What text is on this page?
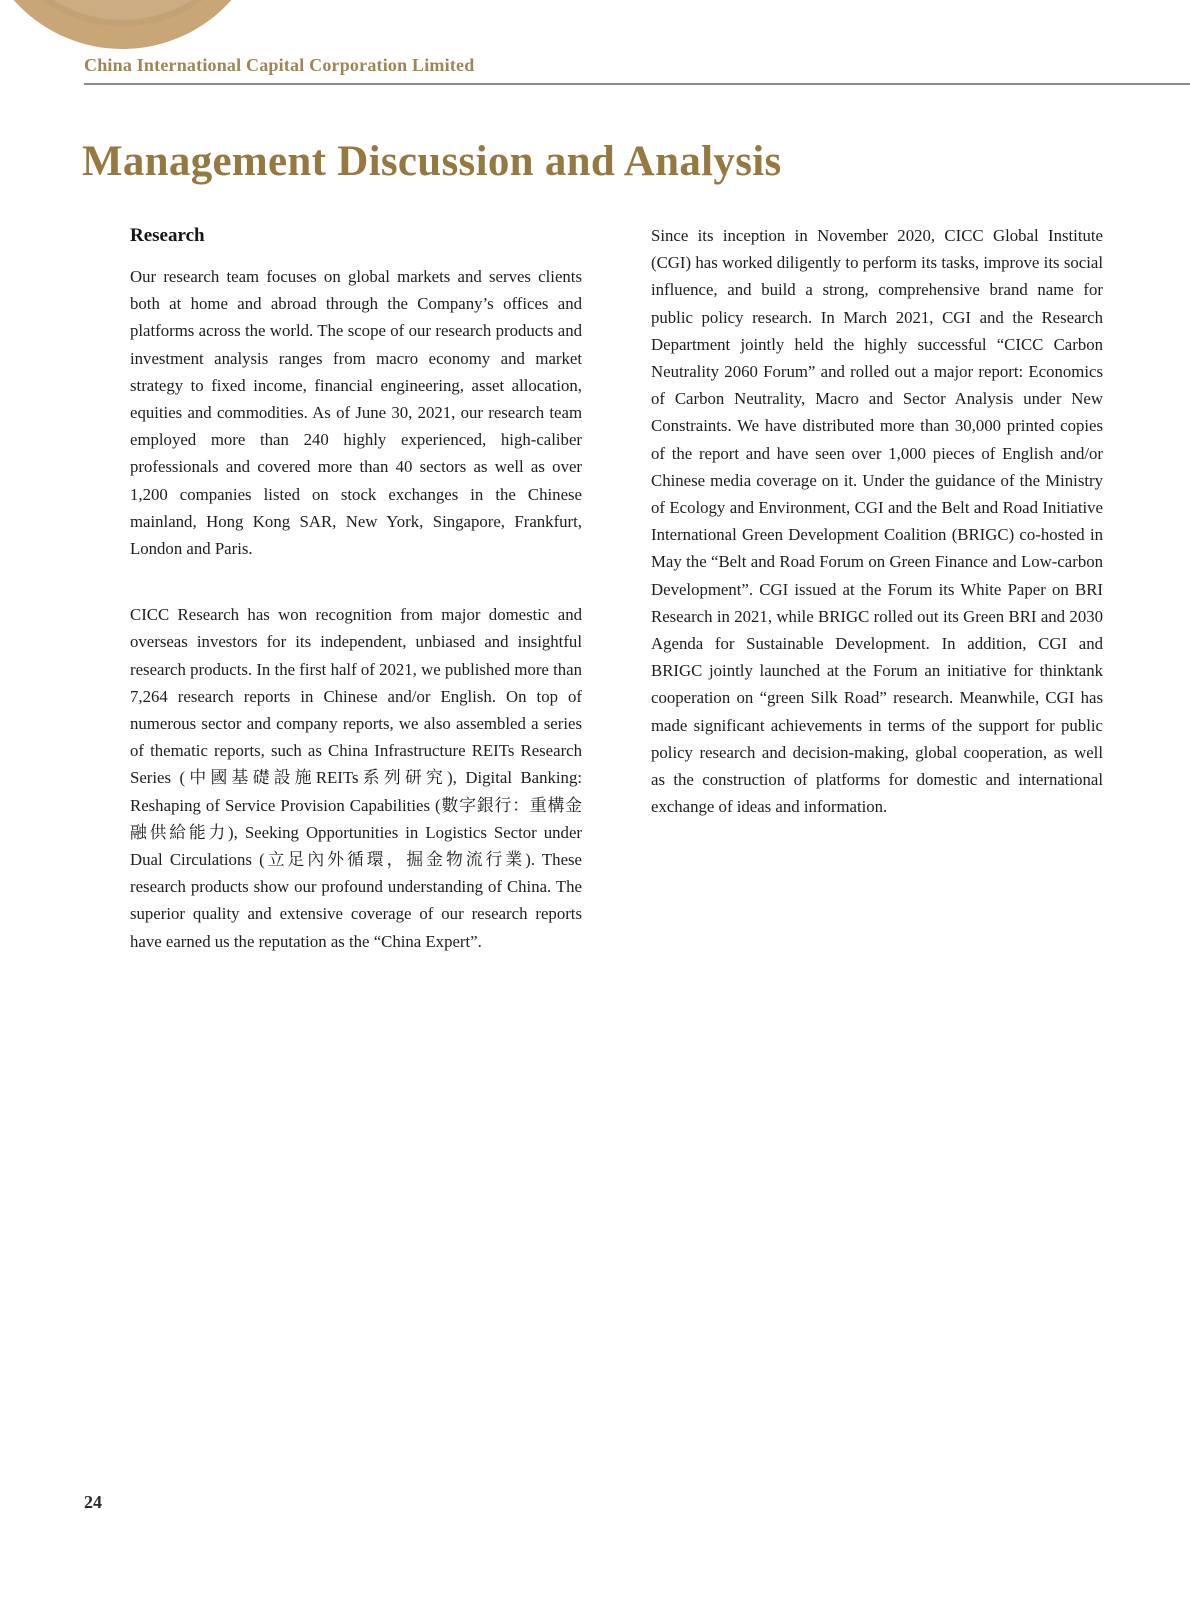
China International Capital Corporation Limited
Management Discussion and Analysis
Research

Our research team focuses on global markets and serves clients both at home and abroad through the Company’s offices and platforms across the world. The scope of our research products and investment analysis ranges from macro economy and market strategy to fixed income, financial engineering, asset allocation, equities and commodities. As of June 30, 2021, our research team employed more than 240 highly experienced, high-caliber professionals and covered more than 40 sectors as well as over 1,200 companies listed on stock exchanges in the Chinese mainland, Hong Kong SAR, New York, Singapore, Frankfurt, London and Paris.

CICC Research has won recognition from major domestic and overseas investors for its independent, unbiased and insightful research products. In the first half of 2021, we published more than 7,264 research reports in Chinese and/or English. On top of numerous sector and company reports, we also assembled a series of thematic reports, such as China Infrastructure REITs Research Series (中國基礎設施REITs系列研究), Digital Banking: Reshaping of Service Provision Capabilities (數字銀行：重構金融供給能力), Seeking Opportunities in Logistics Sector under Dual Circulations (立足內外循環，掘金物流行業). These research products show our profound understanding of China. The superior quality and extensive coverage of our research reports have earned us the reputation as the “China Expert”.

Since its inception in November 2020, CICC Global Institute (CGI) has worked diligently to perform its tasks, improve its social influence, and build a strong, comprehensive brand name for public policy research. In March 2021, CGI and the Research Department jointly held the highly successful “CICC Carbon Neutrality 2060 Forum” and rolled out a major report: Economics of Carbon Neutrality, Macro and Sector Analysis under New Constraints. We have distributed more than 30,000 printed copies of the report and have seen over 1,000 pieces of English and/or Chinese media coverage on it. Under the guidance of the Ministry of Ecology and Environment, CGI and the Belt and Road Initiative International Green Development Coalition (BRIGC) co-hosted in May the “Belt and Road Forum on Green Finance and Low-carbon Development”. CGI issued at the Forum its White Paper on BRI Research in 2021, while BRIGC rolled out its Green BRI and 2030 Agenda for Sustainable Development. In addition, CGI and BRIGC jointly launched at the Forum an initiative for thinktank cooperation on “green Silk Road” research. Meanwhile, CGI has made significant achievements in terms of the support for public policy research and decision-making, global cooperation, as well as the construction of platforms for domestic and international exchange of ideas and information.

24
